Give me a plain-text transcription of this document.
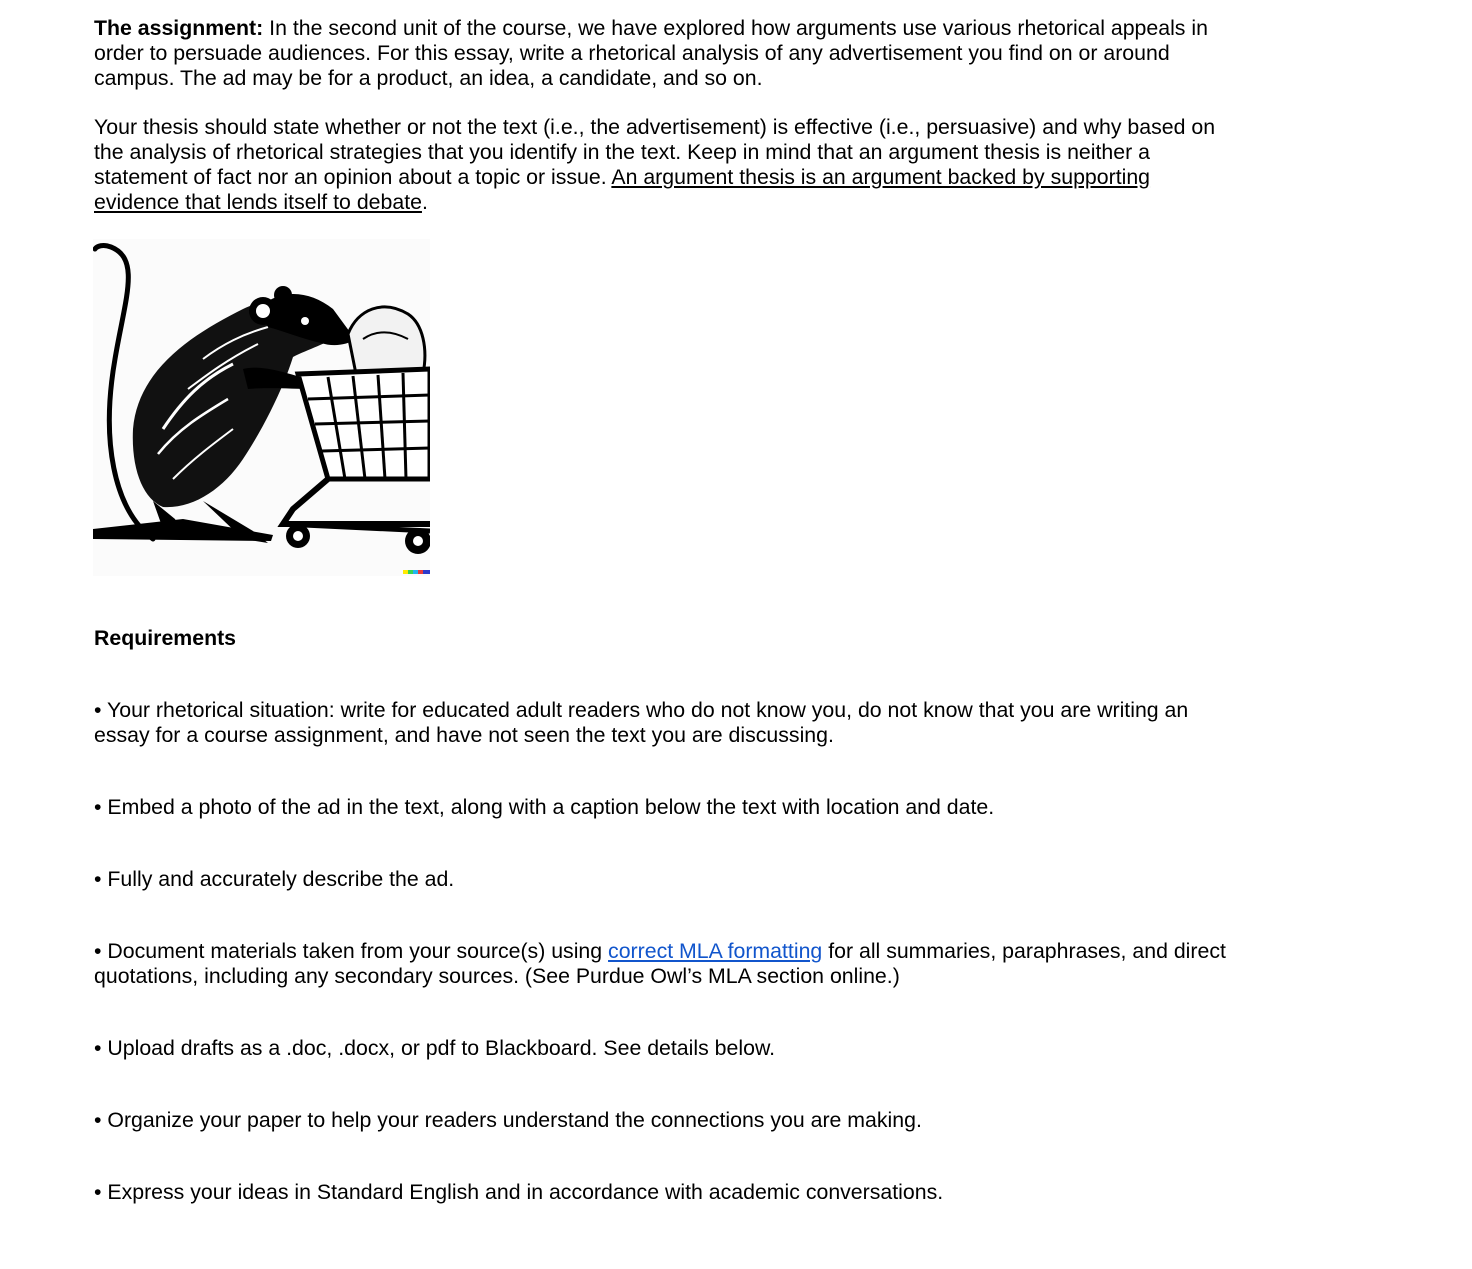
The assignment: In the second unit of the course, we have explored how arguments use various rhetorical appeals in order to persuade audiences. For this essay, write a rhetorical analysis of any advertisement you find on or around campus. The ad may be for a product, an idea, a candidate, and so on.

Your thesis should state whether or not the text (i.e., the advertisement) is effective (i.e., persuasive) and why based on the analysis of rhetorical strategies that you identify in the text. Keep in mind that an argument thesis is neither a statement of fact nor an opinion about a topic or issue. An argument thesis is an argument backed by supporting evidence that lends itself to debate.

Requirements
• Your rhetorical situation: write for educated adult readers who do not know you, do not know that you are writing an essay for a course assignment, and have not seen the text you are discussing.
• Embed a photo of the ad in the text, along with a caption below the text with location and date.
• Fully and accurately describe the ad.
• Document materials taken from your source(s) using correct MLA formatting for all summaries, paraphrases, and direct quotations, including any secondary sources. (See Purdue Owl’s MLA section online.)
• Upload drafts as a .doc, .docx, or pdf to Blackboard. See details below.
• Organize your paper to help your readers understand the connections you are making.
• Express your ideas in Standard English and in accordance with academic conversations.
